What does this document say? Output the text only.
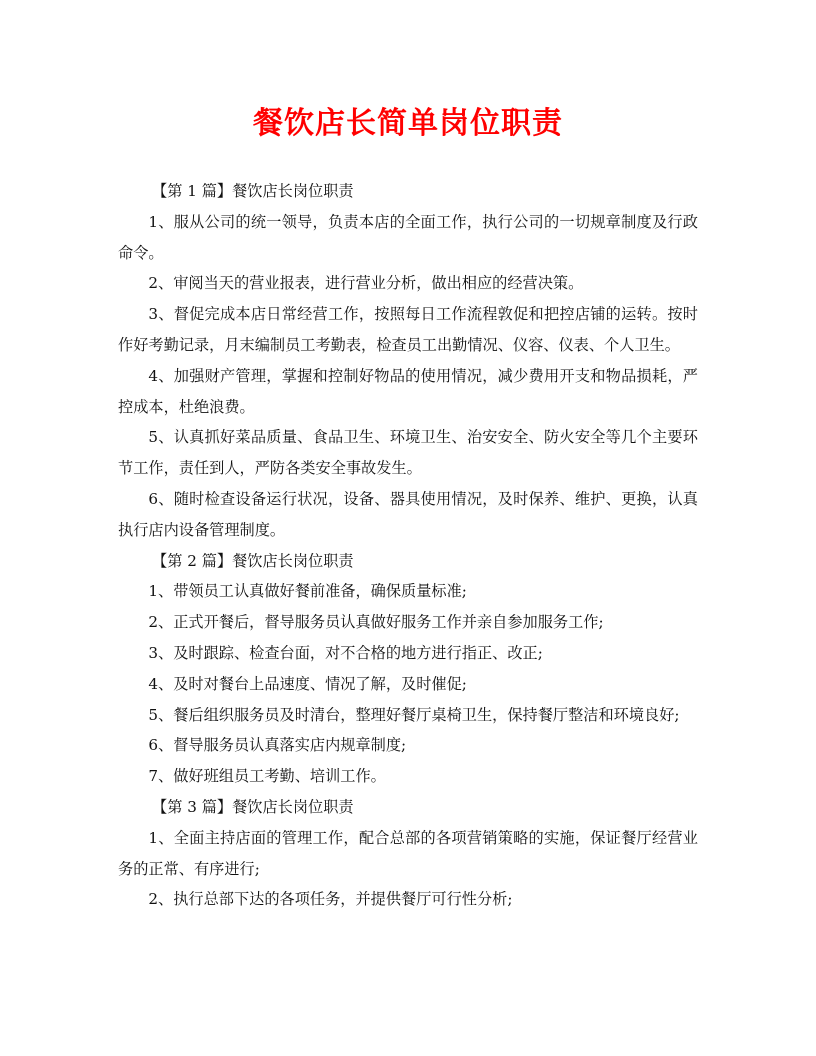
餐饮店长简单岗位职责
【第 1 篇】餐饮店长岗位职责

1、服从公司的统一领导，负责本店的全面工作，执行公司的一切规章制度及行政命令。

2、审阅当天的营业报表，进行营业分析，做出相应的经营决策。

3、督促完成本店日常经营工作，按照每日工作流程敦促和把控店铺的运转。按时作好考勤记录，月末编制员工考勤表，检查员工出勤情况、仪容、仪表、个人卫生。

4、加强财产管理，掌握和控制好物品的使用情况，减少费用开支和物品损耗，严控成本，杜绝浪费。

5、认真抓好菜品质量、食品卫生、环境卫生、治安安全、防火安全等几个主要环节工作，责任到人，严防各类安全事故发生。

6、随时检查设备运行状况，设备、器具使用情况，及时保养、维护、更换，认真执行店内设备管理制度。

【第 2 篇】餐饮店长岗位职责

1、带领员工认真做好餐前准备，确保质量标准;

2、正式开餐后，督导服务员认真做好服务工作并亲自参加服务工作;

3、及时跟踪、检查台面，对不合格的地方进行指正、改正;

4、及时对餐台上品速度、情况了解，及时催促;

5、餐后组织服务员及时清台，整理好餐厅桌椅卫生，保持餐厅整洁和环境良好;

6、督导服务员认真落实店内规章制度;

7、做好班组员工考勤、培训工作。

【第 3 篇】餐饮店长岗位职责

1、全面主持店面的管理工作，配合总部的各项营销策略的实施，保证餐厅经营业务的正常、有序进行;

2、执行总部下达的各项任务，并提供餐厅可行性分析;
